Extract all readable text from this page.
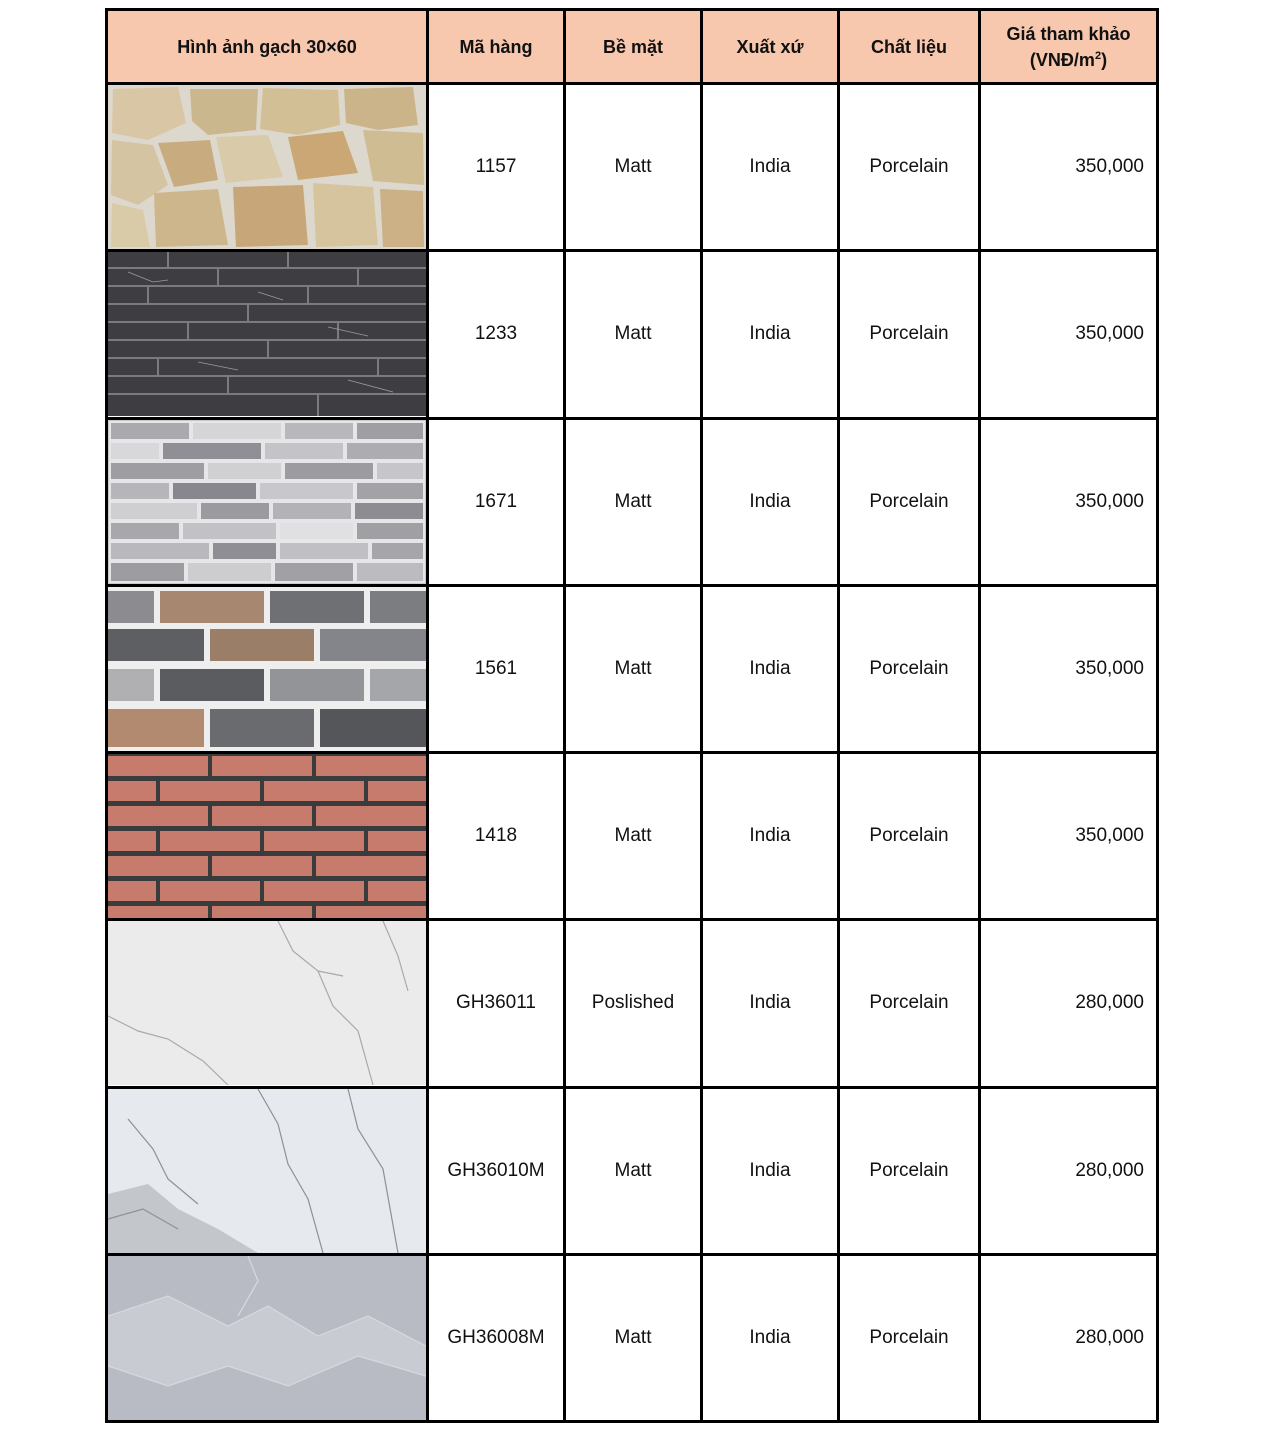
Hình ảnh gạch 30×60	Mã hàng	Bề mặt	Xuất xứ	Chất liệu	Giá tham khảo
$(VNĐ/m^2)$

	1157	Matt	India	Porcelain	350,000

	1233	Matt	India	Porcelain	350,000

	1671	Matt	India	Porcelain	350,000

	1561	Matt	India	Porcelain	350,000

	1418	Matt	India	Porcelain	350,000

	GH36011	Poslished	India	Porcelain	280,000

	GH36010M	Matt	India	Porcelain	280,000

	GH36008M	Matt	India	Porcelain	280,000
